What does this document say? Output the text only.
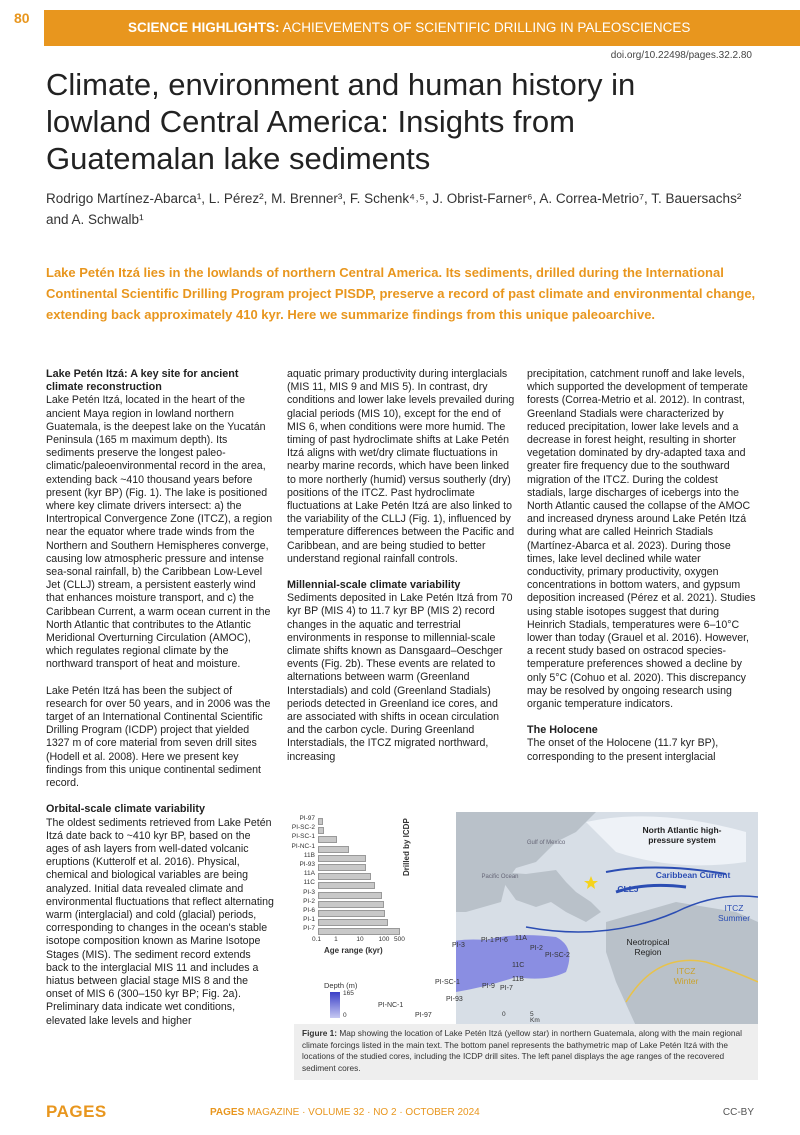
80
SCIENCE HIGHLIGHTS: ACHIEVEMENTS OF SCIENTIFIC DRILLING IN PALEOSCIENCES
doi.org/10.22498/pages.32.2.80
Climate, environment and human history in lowland Central America: Insights from Guatemalan lake sediments
Rodrigo Martínez-Abarca¹, L. Pérez², M. Brenner³, F. Schenk⁴˒⁵, J. Obrist-Farner⁶, A. Correa-Metrio⁷, T. Bauersachs² and A. Schwalb¹
Lake Petén Itzá lies in the lowlands of northern Central America. Its sediments, drilled during the International Continental Scientific Drilling Program project PISDP, preserve a record of past climate and environmental change, extending back approximately 410 kyr. Here we summarize findings from this unique paleoarchive.
Lake Petén Itzá: A key site for ancient climate reconstruction

Lake Petén Itzá, located in the heart of the ancient Maya region in lowland northern Guatemala, is the deepest lake on the Yucatán Peninsula (165 m maximum depth). Its sediments preserve the longest paleo-climatic/paleoenvironmental record in the area, extending back ~410 thousand years before present (kyr BP) (Fig. 1). The lake is positioned where key climate drivers intersect: a) the Intertropical Convergence Zone (ITCZ), a region near the equator where trade winds from the Northern and Southern Hemispheres converge, causing low atmospheric pressure and intense sea-sonal rainfall, b) the Caribbean Low-Level Jet (CLLJ) stream, a persistent easterly wind that enhances moisture transport, and c) the Caribbean Current, a warm ocean current in the North Atlantic that contributes to the Atlantic Meridional Overturning Circulation (AMOC), which regulates regional climate by the northward transport of heat and moisture.

Lake Petén Itzá has been the subject of research for over 50 years, and in 2006 was the target of an International Continental Scientific Drilling Program (ICDP) project that yielded 1327 m of core material from seven drill sites (Hodell et al. 2008). Here we present key findings from this unique continental sediment record.

Orbital-scale climate variability

The oldest sediments retrieved from Lake Petén Itzá date back to ~410 kyr BP, based on the ages of ash layers from well-dated volcanic eruptions (Kutterolf et al. 2016). Physical, chemical and biological variables are being analyzed. Initial data revealed climate and environmental fluctuations that reflect alternating warm (interglacial) and cold (glacial) periods, corresponding to changes in the ocean's stable isotope composition known as Marine Isotope Stages (MIS). The sediment record extends back to the interglacial MIS 11 and includes a hiatus between glacial stage MIS 8 and the onset of MIS 6 (300–150 kyr BP; Fig. 2a). Preliminary data indicate wet conditions, elevated lake levels and higher

aquatic primary productivity during interglacials (MIS 11, MIS 9 and MIS 5). In contrast, dry conditions and lower lake levels prevailed during glacial periods (MIS 10), except for the end of MIS 6, when conditions were more humid. The timing of past hydroclimate shifts at Lake Petén Itzá aligns with wet/dry climate fluctuations in nearby marine records, which have been linked to more northerly (humid) versus southerly (dry) positions of the ITCZ. Past hydroclimate fluctuations at Lake Petén Itzá are also linked to the variability of the CLLJ (Fig. 1), influenced by temperature differences between the Pacific and Caribbean, and are being studied to better understand regional rainfall controls.

Millennial-scale climate variability

Sediments deposited in Lake Petén Itzá from 70 kyr BP (MIS 4) to 11.7 kyr BP (MIS 2) record changes in the aquatic and terrestrial environments in response to millennial-scale climate shifts known as Dansgaard–Oeschger events (Fig. 2b). These events are related to alternations between warm (Greenland Interstadials) and cold (Greenland Stadials) periods detected in Greenland ice cores, and are associated with shifts in ocean circulation and the carbon cycle. During Greenland Interstadials, the ITCZ migrated northward, increasing

precipitation, catchment runoff and lake levels, which supported the development of temperate forests (Correa-Metrio et al. 2012). In contrast, Greenland Stadials were characterized by reduced precipitation, lower lake levels and a decrease in forest height, resulting in shorter vegetation dominated by dry-adapted taxa and greater fire frequency due to the southward migration of the ITCZ. During the coldest stadials, large discharges of icebergs into the North Atlantic caused the collapse of the AMOC and increased dryness around Lake Petén Itzá during what are called Heinrich Stadials (Martínez-Abarca et al. 2023). During those times, lake level declined while water conductivity, primary productivity, oxygen concentrations in bottom waters, and gypsum deposition increased (Pérez et al. 2021). Studies using stable isotopes suggest that during Heinrich Stadials, temperatures were 6–10°C lower than today (Grauel et al. 2016). However, a recent study based on ostracod species-temperature preferences showed a decline by only 5°C (Cohuo et al. 2020). This discrepancy may be resolved by ongoing research using organic temperature indicators.

The Holocene

The onset of the Holocene (11.7 kyr BP), corresponding to the present interglacial

PI-97
PI-SC-2
PI-SC-1
PI-NC-1
11B
PI-93
11A
11C
PI-3
PI-2
PI-6
PI-1
PI-7
0.1 1	10 100 500
Age range (kyr)
Drilled by ICDP	North Atlantic high-pressure system
Caribbean Current
CLLJ
ITCZ Summer
Neotropical Region
ITCZ Winter
Gulf of Mexico
Pacific Ocean
PI-1 PI-6 11A
PI-3	PI-2
PI-SC-2
11C
11B
PI-SC-1
PI-9 PI-7
PI-93
PI-NC-1
PI-97
Depth (m)
165
0	0	5
Km
Figure 1: Map showing the location of Lake Petén Itzá (yellow star) in northern Guatemala, along with the main regional climate forcings listed in the main text. The bottom panel represents the bathymetric map of Lake Petén Itzá with the locations of the studied cores, including the ICDP drill sites. The left panel displays the age ranges of the recovered sediment cores.
PAGES	PAGES MAGAZINE · VOLUME 32 · NO 2 · OCTOBER 2024	CC-BY
